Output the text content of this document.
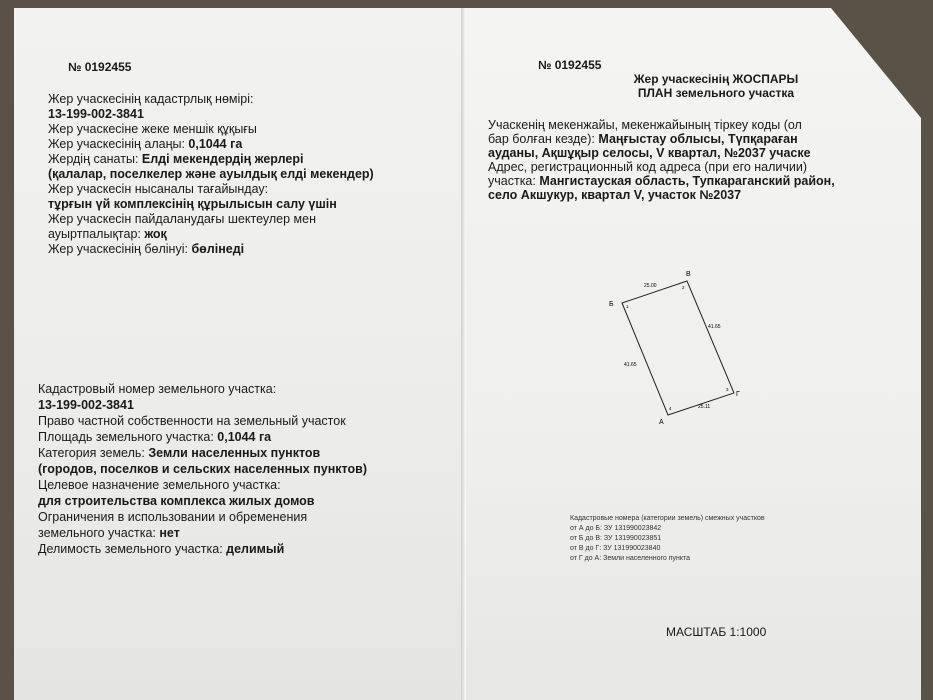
№ 0192455
Жер учаскесінің кадастрлық нөмірі:
13-199-002-3841
Жер учаскесіне жеке меншік құқығы
Жер учаскесінің алаңы: 0,1044 га
Жердің санаты: Елді мекендердің жерлері
(қалалар, поселкелер және ауылдық елді мекендер)
Жер учаскесін нысаналы тағайындау:
тұрғын үй комплексінің құрылысын салу үшін
Жер учаскесін пайдаланудағы шектеулер мен
ауыртпалықтар: жоқ
Жер учаскесінің бөлінуі: бөлінеді
Кадастровый номер земельного участка:
13-199-002-3841
Право частной собственности на земельный участок
Площадь земельного участка: 0,1044 га
Категория земель: Земли населенных пунктов
(городов, поселков и сельских населенных пунктов)
Целевое назначение земельного участка:
для строительства комплекса жилых домов
Ограничения в использовании и обременения
земельного участка: нет
Делимость земельного участка: делимый
№ 0192455
Жер учаскесінің ЖОСПАРЫ
ПЛАН земельного участка
Учаскенің мекенжайы, мекенжайының тіркеу коды (ол
бар болған кезде): Маңғыстау облысы, Түпқараған
ауданы, Ақшұқыр селосы, V квартал, №2037 учаске
Адрес, регистрационный код адреса (при его наличии)
участка: Мангистауская область, Тупкараганский район,
село Акшукур, квартал V, участок №2037
Б
В
Г
А
25.00
41.65
41.65
25.11
1
2
3
4
Кадастровые номера (категории земель) смежных участков
от А до Б: ЗУ 131990023842
от Б до В: ЗУ 131990023851
от В до Г: ЗУ 131990023840
от Г до А: Земли населенного пункта
МАСШТАБ 1:1000
